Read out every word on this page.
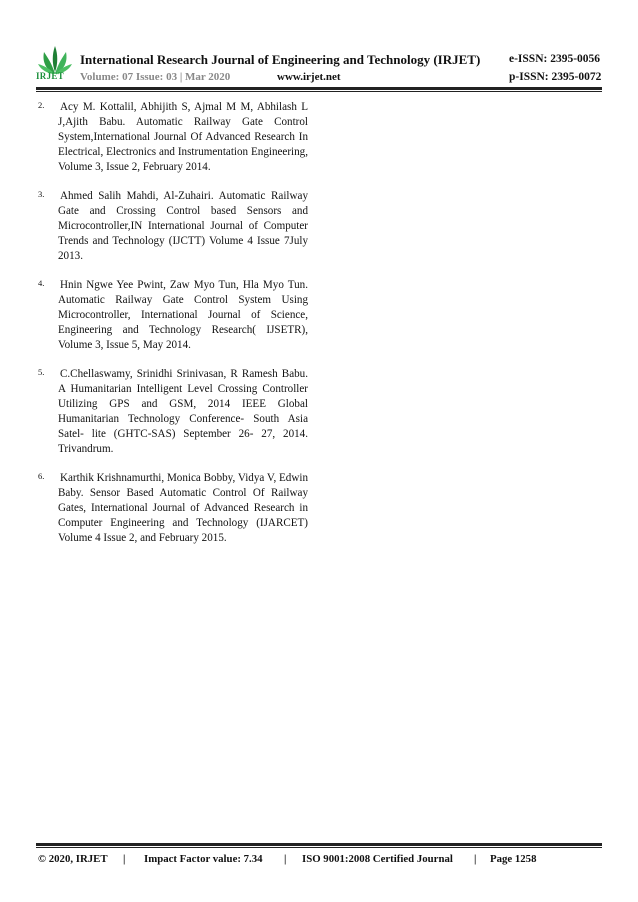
IRJET
International Research Journal of Engineering and Technology (IRJET) e-ISSN: 2395-0056
Volume: 07 Issue: 03 | Mar 2020	www.irjet.net	p-ISSN: 2395-0072
2. Acy M. Kottalil, Abhijith S, Ajmal M M, Abhilash L J,Ajith Babu. Automatic Railway Gate Control System,International Journal Of Advanced Research In Electrical, Electronics and Instrumentation Engineering, Volume 3, Issue 2, February 2014.
3. Ahmed Salih Mahdi, Al-Zuhairi. Automatic Railway Gate and Crossing Control based Sensors and Microcontroller,IN International Journal of Computer Trends and Technology (IJCTT) Volume 4 Issue 7July 2013.
4. Hnin Ngwe Yee Pwint, Zaw Myo Tun, Hla Myo Tun. Automatic Railway Gate Control System Using Microcontroller, International Journal of Science, Engineering and Technology Research( IJSETR), Volume 3, Issue 5, May 2014.
5. C.Chellaswamy, Srinidhi Srinivasan, R Ramesh Babu. A Humanitarian Intelligent Level Crossing Controller Utilizing GPS and GSM, 2014 IEEE Global Humanitarian Technology Conference- South Asia Satel- lite (GHTC-SAS) September 26- 27, 2014. Trivandrum.
6. Karthik Krishnamurthi, Monica Bobby, Vidya V, Edwin Baby. Sensor Based Automatic Control Of Railway Gates, International Journal of Advanced Research in Computer Engineering and Technology (IJARCET) Volume 4 Issue 2, and February 2015.
© 2020, IRJET | Impact Factor value: 7.34 | ISO 9001:2008 Certified Journal | Page 1258
